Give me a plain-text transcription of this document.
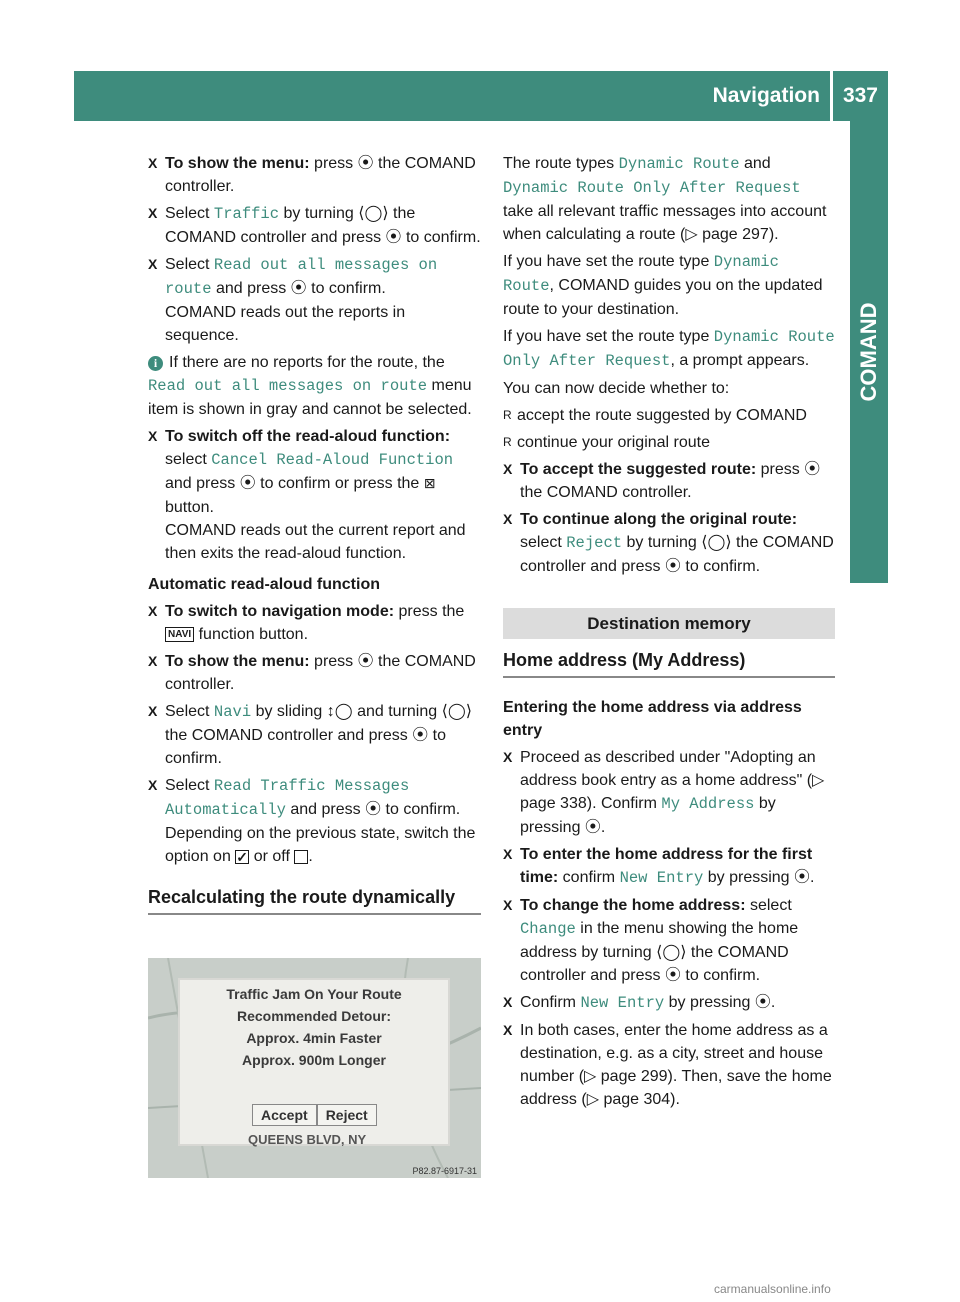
Navigation	337
COMAND
X To show the menu: press ⦿ the COMAND controller.
X Select Traffic by turning ⟨◯⟩ the COMAND controller and press ⦿ to confirm.
X Select Read out all messages on route and press ⦿ to confirm.
COMAND reads out the reports in sequence.

i If there are no reports for the route, the Read out all messages on route menu item is shown in gray and cannot be selected.

X To switch off the read-aloud function:
select Cancel Read-Aloud Function and press ⦿ to confirm or press the ⊠ button.
COMAND reads out the current report and then exits the read-aloud function.
Automatic read-aloud function
X To switch to navigation mode: press the NAVI function button.
X To show the menu: press ⦿ the COMAND controller.
X Select Navi by sliding ↕◯ and turning ⟨◯⟩ the COMAND controller and press ⦿ to confirm.
X Select Read Traffic Messages Automatically and press ⦿ to confirm.
Depending on the previous state, switch the option on ✓ or off .
Recalculating the route dynamically
Traffic Jam On Your Route
Recommended Detour:
Approx. 4min Faster
Approx. 900m Longer
Accept	Reject
QUEENS BLVD, NY
P82.87-6917-31

The route types Dynamic Route and Dynamic Route Only After Request take all relevant traffic messages into account when calculating a route (▷ page 297).

If you have set the route type Dynamic Route, COMAND guides you on the updated route to your destination.

If you have set the route type Dynamic Route Only After Request, a prompt appears.

You can now decide whether to:

R accept the route suggested by COMAND
R continue your original route
X To accept the suggested route: press ⦿ the COMAND controller.
X To continue along the original route:
select Reject by turning ⟨◯⟩ the COMAND controller and press ⦿ to confirm.
Destination memory
Home address (My Address)
Entering the home address via address entry
X Proceed as described under "Adopting an address book entry as a home address" (▷ page 338). Confirm My Address by pressing ⦿.
X To enter the home address for the first time: confirm New Entry by pressing ⦿.
X To change the home address: select Change in the menu showing the home address by turning ⟨◯⟩ the COMAND controller and press ⦿ to confirm.
X Confirm New Entry by pressing ⦿.
X In both cases, enter the home address as a destination, e.g. as a city, street and house number (▷ page 299). Then, save the home address (▷ page 304).
carmanualsonline.info
